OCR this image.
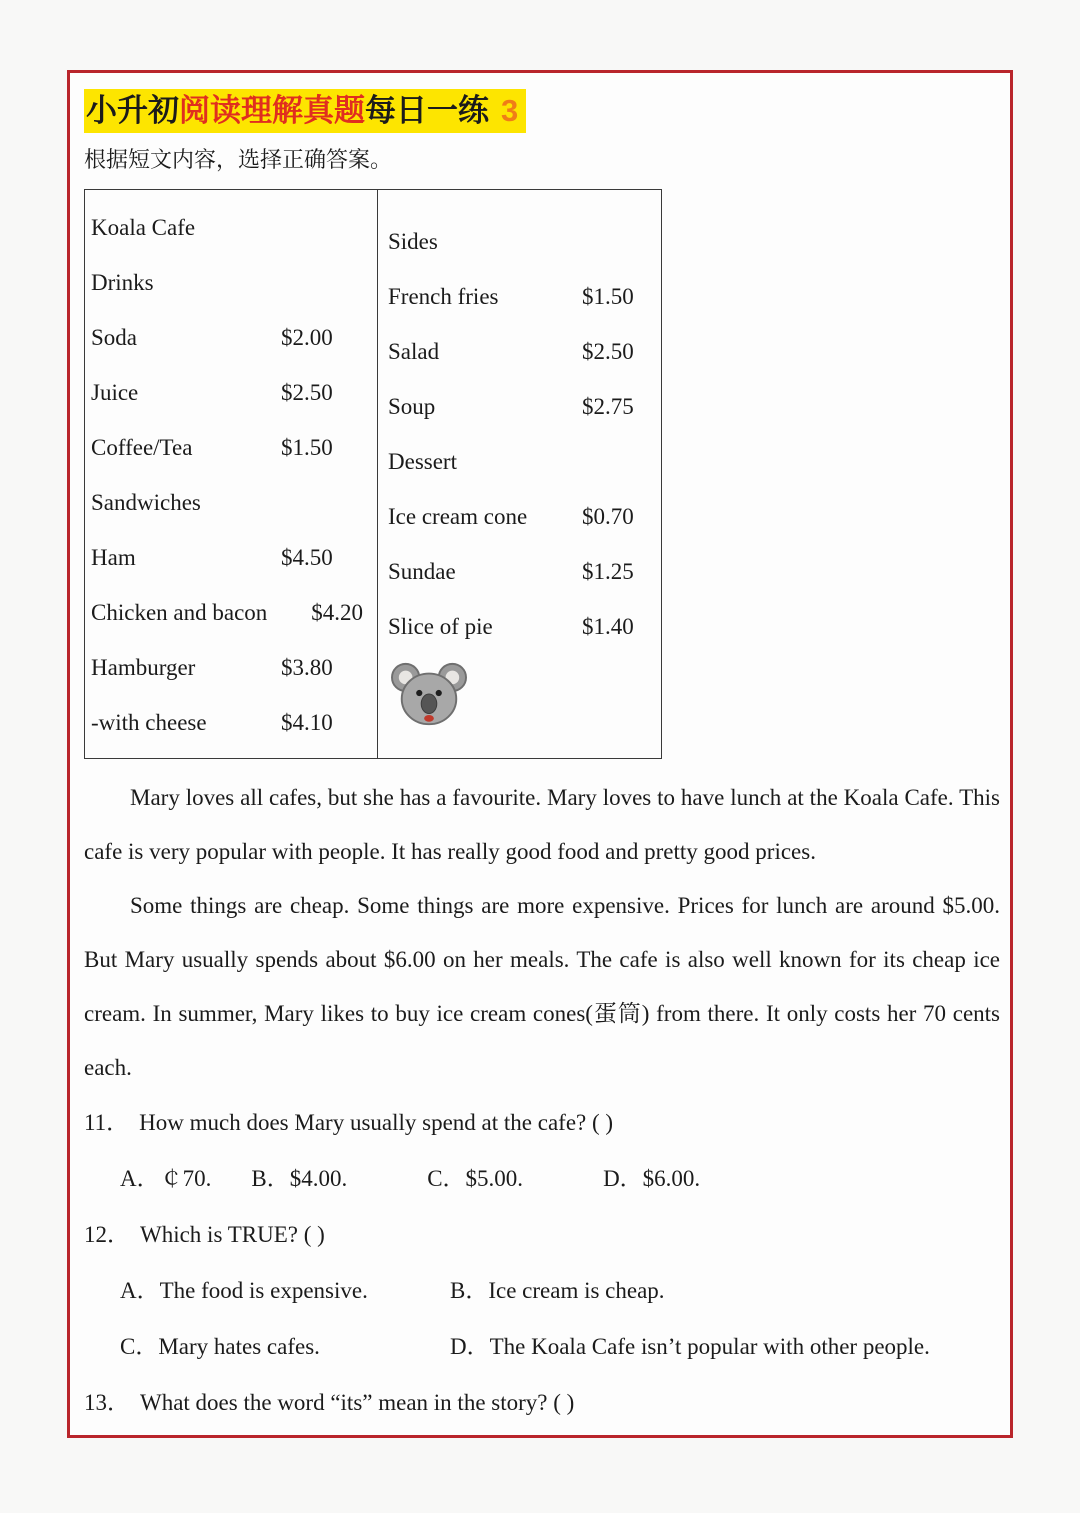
小升初阅读理解真题每日一练 3
根据短文内容，选择正确答案。
Koala Cafe
Drinks
Soda	$2.00
Juice	$2.50
Coffee/Tea	$1.50
Sandwiches
Ham	$4.50
Chicken and bacon	$4.20
Hamburger	$3.80
-with cheese	$4.10
Sides
French fries	$1.50
Salad	$2.50
Soup	$2.75
Dessert
Ice cream cone	$0.70
Sundae	$1.25
Slice of pie	$1.40

Mary loves all cafes, but she has a favourite. Mary loves to have lunch at the Koala Cafe. This cafe is very popular with people. It has really good food and pretty good prices.

Some things are cheap. Some things are more expensive. Prices for lunch are around $5.00. But Mary usually spends about $6.00 on her meals. The cafe is also well known for its cheap ice cream. In summer, Mary likes to buy ice cream cones(蛋筒) from there. It only costs her 70 cents each.

11． How much does Mary usually spend at the cafe? ( )
A．￠70. B．$4.00.	C．$5.00.	D．$6.00.
12． Which is TRUE? ( )
A．The food is expensive.	B．Ice cream is cheap.
C．Mary hates cafes.	D．The Koala Cafe isn’t popular with other people.
13． What does the word “its” mean in the story? ( )
